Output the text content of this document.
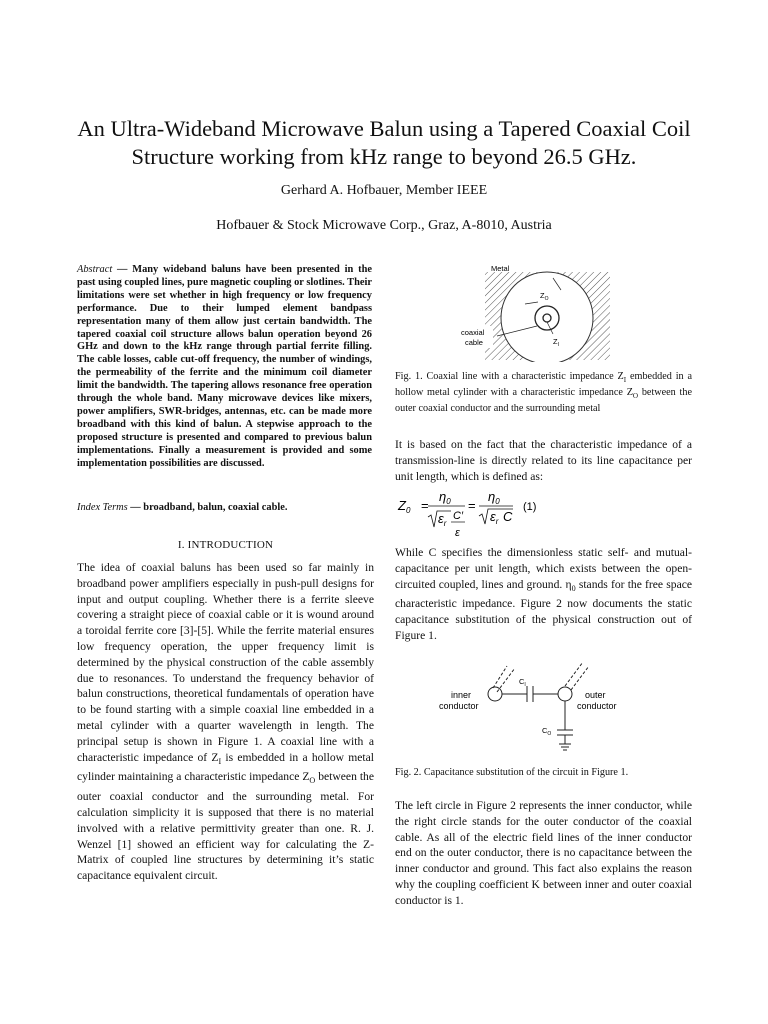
An Ultra-Wideband Microwave Balun using a Tapered Coaxial Coil Structure working from kHz range to beyond 26.5 GHz.
Gerhard A. Hofbauer, Member IEEE
Hofbauer & Stock Microwave Corp., Graz, A-8010, Austria

Abstract — Many wideband baluns have been presented in the past using coupled lines, pure magnetic coupling or slotlines. Their limitations were set whether in high frequency or low frequency performance. Due to their lumped element bandpass representation many of them allow just certain bandwidth. The tapered coaxial coil structure allows balun operation beyond 26 GHz and down to the kHz range through partial ferrite filling. The cable losses, cable cut-off frequency, the number of windings, the permeability of the ferrite and the minimum coil diameter limit the bandwidth. The tapering allows resonance free operation through the whole band. Many microwave devices like mixers, power amplifiers, SWR-bridges, antennas, etc. can be made more broadband with this kind of balun. A stepwise approach to the proposed structure is presented and compared to previous balun implementations. Finally a measurement is provided and some implementation possibilities are discussed.

Index Terms — broadband, balun, coaxial cable.

I. INTRODUCTION

The idea of coaxial baluns has been used so far mainly in broadband power amplifiers especially in push-pull designs for input and output coupling. Whether there is a ferrite sleeve covering a straight piece of coaxial cable or it is wound around a toroidal ferrite core [3]-[5]. While the ferrite material ensures low frequency operation, the upper frequency limit is determined by the physical construction of the cable assembly due to resonances. To understand the frequency behavior of balun constructions, theoretical fundamentals of operation have to be found starting with a simple coaxial line embedded in a metal cylinder with a quarter wavelength in length. The principal setup is shown in Figure 1. A coaxial line with a characteristic impedance of $Z_I$ is embedded in a hollow metal cylinder maintaining a characteristic impedance $Z_O$ between the outer coaxial conductor and the surrounding metal. For calculation simplicity it is supposed that there is no material involved with a relative permittivity greater than one. R. J. Wenzel [1] showed an efficient way for calculating the Z-Matrix of coupled line structures by determining it’s static capacitance equivalent circuit.

Metal
$Z_O$
$Z_I$
coaxial
cable

Fig. 1. Coaxial line with a characteristic impedance $Z_I$ embedded in a hollow metal cylinder with a characteristic impedance $Z_O$ between the outer coaxial conductor and the surrounding metal

It is based on the fact that the characteristic impedance of a transmission-line is directly related to its line capacitance per unit length, which is defined as:
$Z_0$ =
$\eta_0$
$\varepsilon_r$
C′
ε
=
$\eta_0$
$\varepsilon_r$ C
(1)

While C specifies the dimensionless static self- and mutual-capacitance per unit length, which exists between the open-circuited coupled, lines and ground. $\eta_0$ stands for the free space characteristic impedance. Figure 2 now documents the static capacitance substitution of the physical construction out of Figure 1.

$C_I$
$C_O$
inner
conductor
outer
conductor
Fig. 2. Capacitance substitution of the circuit in Figure 1.
The left circle in Figure 2 represents the inner conductor, while the right circle stands for the outer conductor of the coaxial cable. As all of the electric field lines of the inner conductor end on the outer conductor, there is no capacitance between the inner conductor and ground. This fact also explains the reason why the coupling coefficient K between inner and outer coaxial conductor is 1.
